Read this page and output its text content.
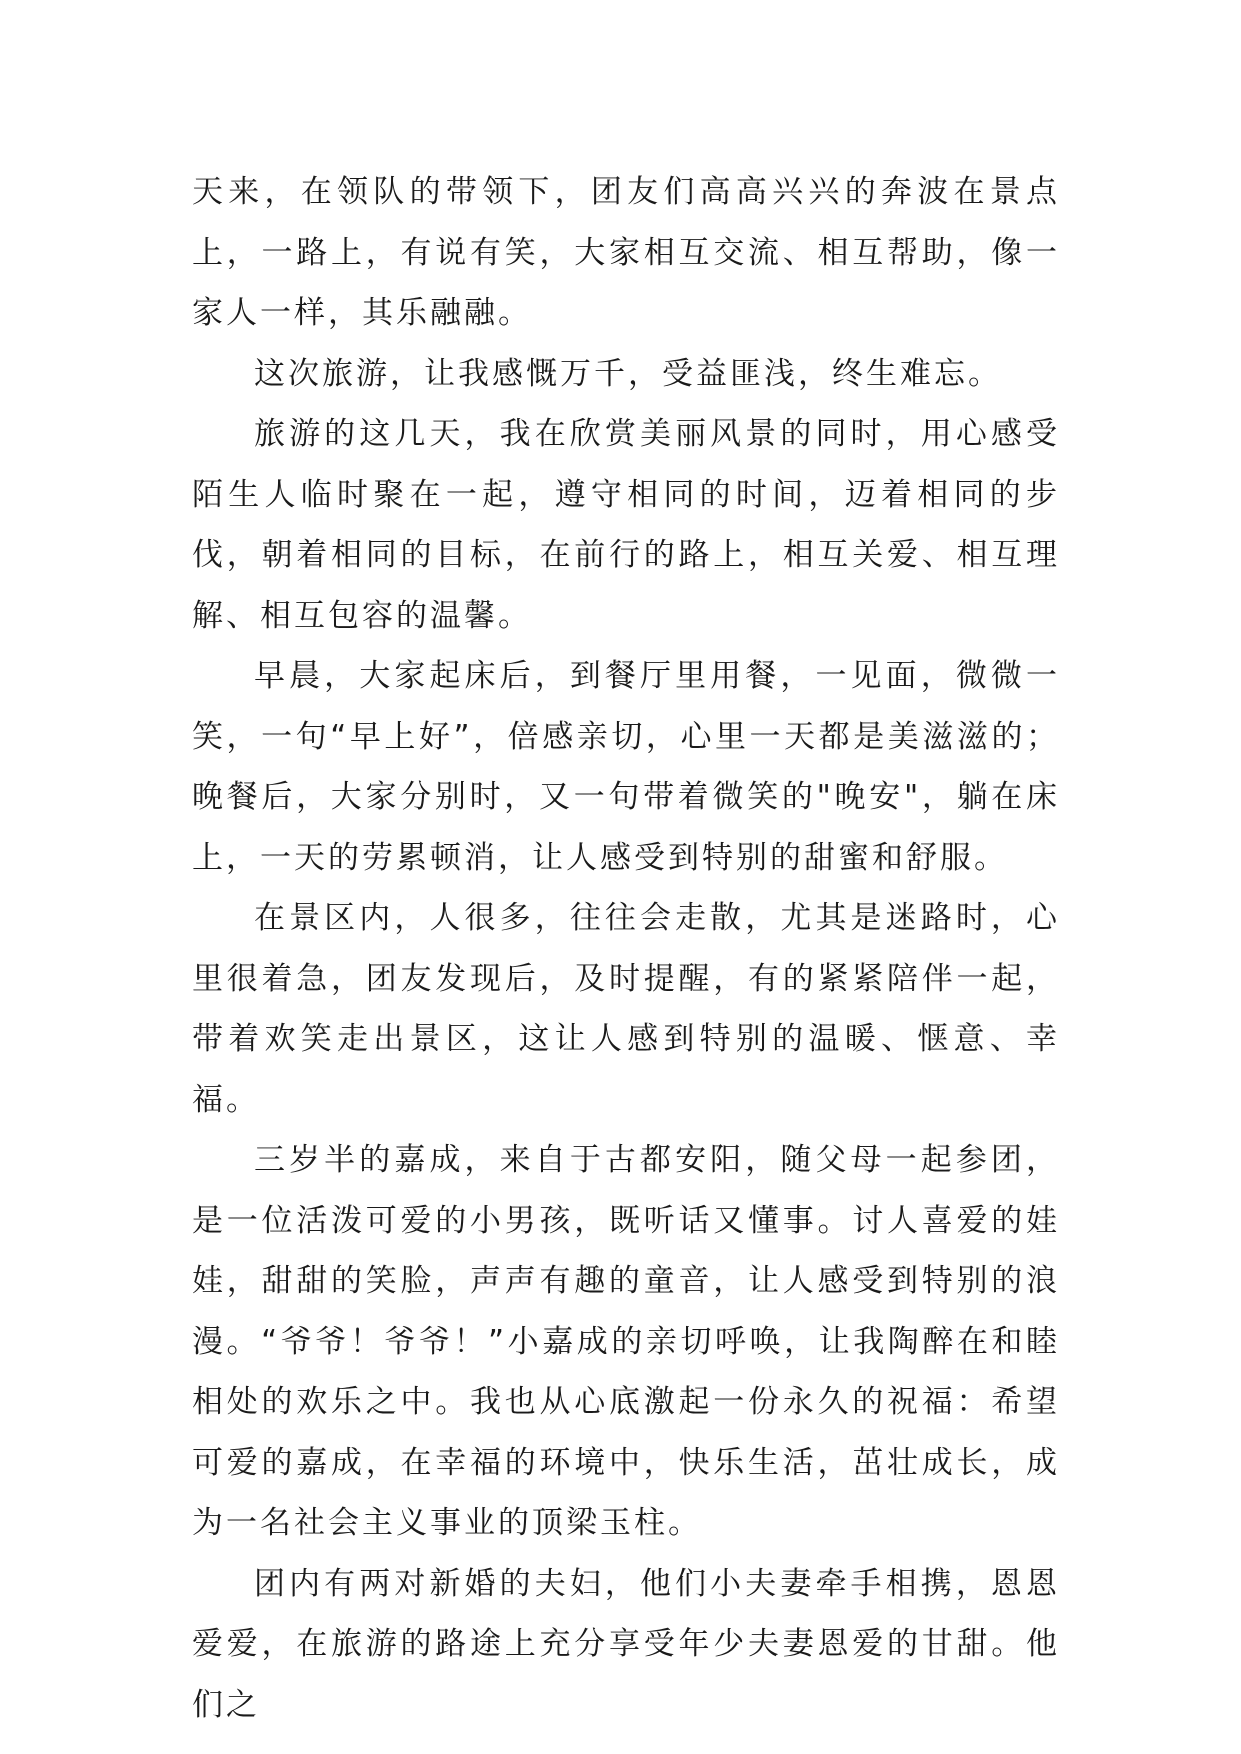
天来，在领队的带领下，团友们高高兴兴的奔波在景点上，一路上，有说有笑，大家相互交流、相互帮助，像一家人一样，其乐融融。

这次旅游，让我感慨万千，受益匪浅，终生难忘。

旅游的这几天，我在欣赏美丽风景的同时，用心感受陌生人临时聚在一起，遵守相同的时间，迈着相同的步伐，朝着相同的目标，在前行的路上，相互关爱、相互理解、相互包容的温馨。

早晨，大家起床后，到餐厅里用餐，一见面，微微一笑，一句“早上好”，倍感亲切，心里一天都是美滋滋的；晚餐后，大家分别时，又一句带着微笑的"晚安"，躺在床上，一天的劳累顿消，让人感受到特别的甜蜜和舒服。

在景区内，人很多，往往会走散，尤其是迷路时，心里很着急，团友发现后，及时提醒，有的紧紧陪伴一起，带着欢笑走出景区，这让人感到特别的温暖、惬意、幸福。

三岁半的嘉成，来自于古都安阳，随父母一起参团，是一位活泼可爱的小男孩，既听话又懂事。讨人喜爱的娃娃，甜甜的笑脸，声声有趣的童音，让人感受到特别的浪漫。“爷爷！爷爷！”小嘉成的亲切呼唤，让我陶醉在和睦相处的欢乐之中。我也从心底激起一份永久的祝福：希望可爱的嘉成，在幸福的环境中，快乐生活，茁壮成长，成为一名社会主义事业的顶梁玉柱。

团内有两对新婚的夫妇，他们小夫妻牵手相携，恩恩爱爱，在旅游的路途上充分享受年少夫妻恩爱的甘甜。他们之
